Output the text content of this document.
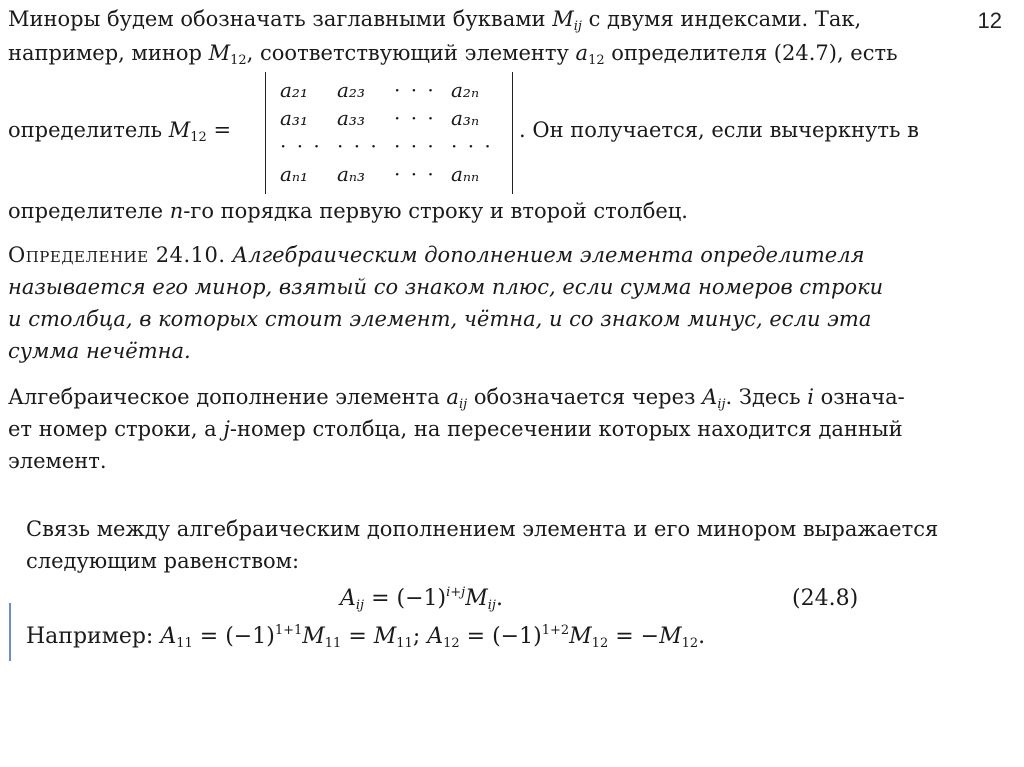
12
Миноры будем обозначать заглавными буквами $M_{ij}$ с двумя индексами. Так,
например, минор $M_{12}$, соответствующий элементу $a_{12}$ определителя (24.7), есть
определитель $M_{12}$ =
a₂₁	a₂₃	· · ·	a₂ₙ
a₃₁	a₃₃	· · ·	a₃ₙ
· · ·	· · ·	· · ·	· · ·
aₙ₁	aₙ₃	· · ·	aₙₙ
. Он получается, если вычеркнуть в
определителе n-го порядка первую строку и второй столбец.
Определение 24.10. Алгебраическим дополнением элемента определителя
называется его минор, взятый со знаком плюс, если сумма номеров строки
и столбца, в которых стоит элемент, чётна, и со знаком минус, если эта
сумма нечётна.
Алгебраическое дополнение элемента $a_{ij}$ обозначается через $A_{ij}$. Здесь i означа-
ет номер строки, а j-номер столбца, на пересечении которых находится данный
элемент.
Связь между алгебраическим дополнением элемента и его минором выражается
следующим равенством:
$A_{ij} = (-1)^{i+j}M_{ij}$.	(24.8)
Например: $A_{11} = (-1)^{1+1}M_{11} = M_{11}$; $A_{12} = (-1)^{1+2}M_{12} = -M_{12}$.
